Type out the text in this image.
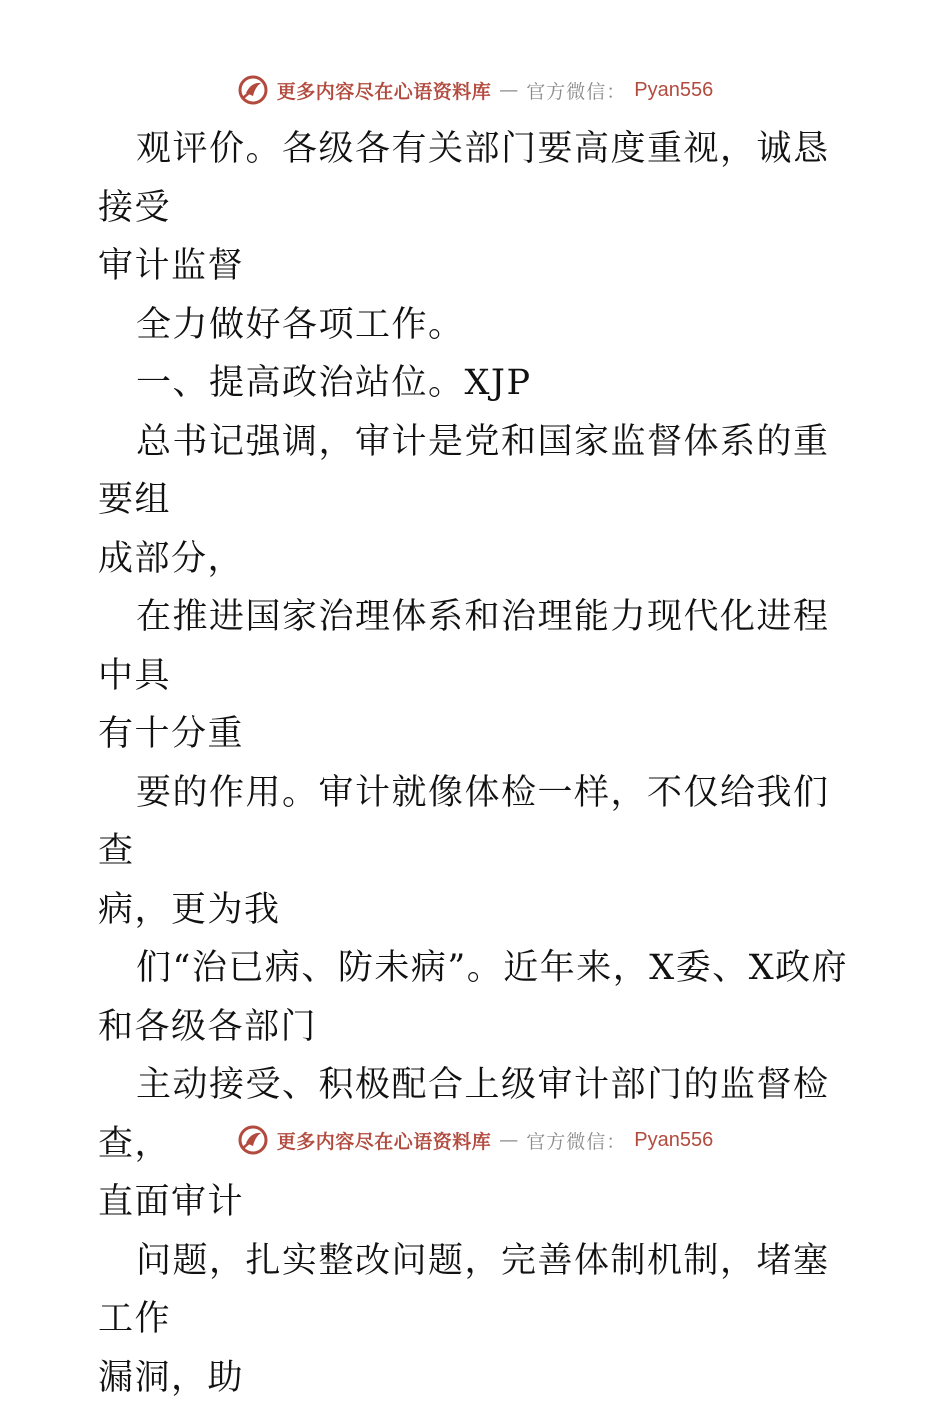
更多内容尽在心语资料库 — 官方微信： Pyan556

观评价。各级各有关部门要高度重视，诚恳接受

审计监督

全力做好各项工作。

一、提高政治站位。XJP

总书记强调，审计是党和国家监督体系的重要组

成部分，

在推进国家治理体系和治理能力现代化进程中具

有十分重

要的作用。审计就像体检一样，不仅给我们查

病，更为我

们“治已病、防未病”。近年来，X委、X政府

和各级各部门

主动接受、积极配合上级审计部门的监督检查，

直面审计

问题，扎实整改问题，完善体制机制，堵塞工作

漏洞，助

更多内容尽在心语资料库 — 官方微信： Pyan556
